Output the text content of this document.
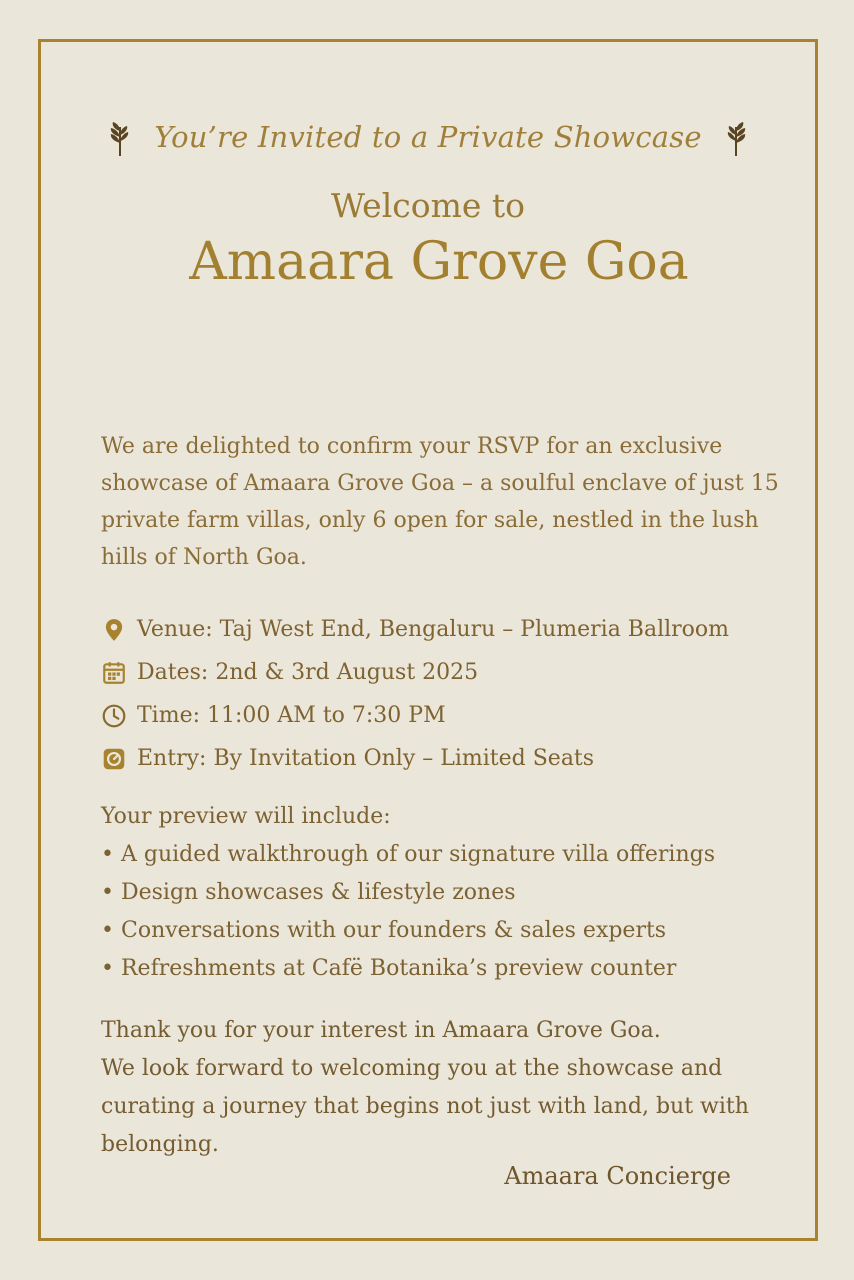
You’re Invited to a Private Showcase
Welcome to
Amaara Grove Goa
We are delighted to confirm your RSVP for an exclusive showcase of Amaara Grove Goa – a soulful enclave of just 15 private farm villas, only 6 open for sale, nestled in the lush hills of North Goa.
Venue:
Taj West End, Bengaluru – Plumeria Ballroom
Dates:
2nd & 3rd August 2025
Time:
11:00 AM to 7:30 PM
Entry:
By Invitation Only – Limited Seats
Your preview will include:
• A guided walkthrough of our signature villa offerings
• Design showcases & lifestyle zones
• Conversations with our founders & sales experts
• Refreshments at Cafë Botanika’s preview counter

Thank you for your interest in Amaara Grove Goa.

We look forward to welcoming you at the showcase and curating a journey that begins not just with land, but with belonging.

Amaara Concierge
